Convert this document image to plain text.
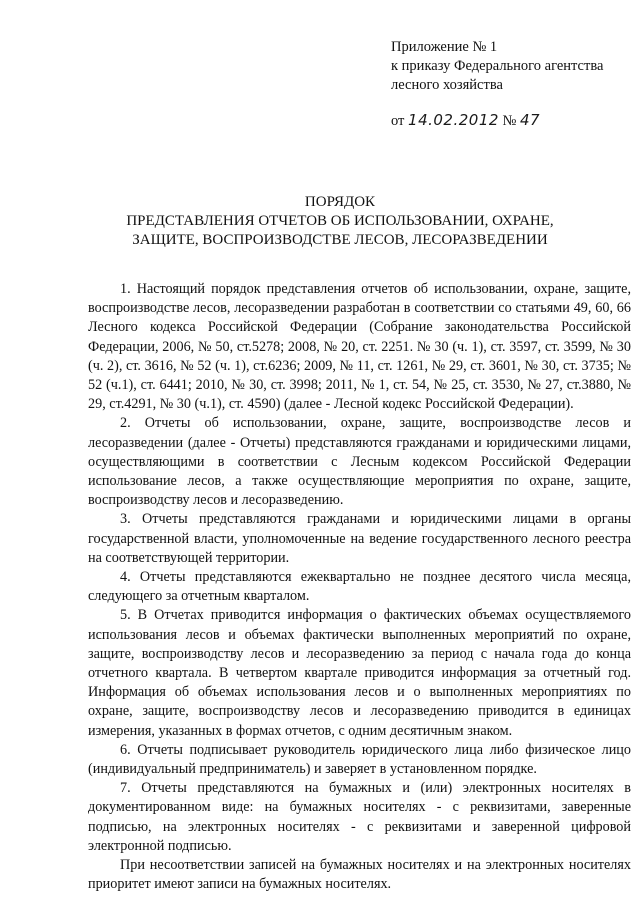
Приложение № 1
к приказу Федерального агентства
лесного хозяйства
от 14.02.2012 № 47
ПОРЯДОК
ПРЕДСТАВЛЕНИЯ ОТЧЕТОВ ОБ ИСПОЛЬЗОВАНИИ, ОХРАНЕ,
ЗАЩИТЕ, ВОСПРОИЗВОДСТВЕ ЛЕСОВ, ЛЕСОРАЗВЕДЕНИИ

1. Настоящий порядок представления отчетов об использовании, охране, защите, воспроизводстве лесов, лесоразведении разработан в соответствии со статьями 49, 60, 66 Лесного кодекса Российской Федерации (Собрание законодательства Российской Федерации, 2006, № 50, ст.5278; 2008, № 20, ст. 2251. № 30 (ч. 1), ст. 3597, ст. 3599, № 30 (ч. 2), ст. 3616, № 52 (ч. 1), ст.6236; 2009, № 11, ст. 1261, № 29, ст. 3601, № 30, ст. 3735; № 52 (ч.1), ст. 6441; 2010, № 30, ст. 3998; 2011, № 1, ст. 54, № 25, ст. 3530, № 27, ст.3880, № 29, ст.4291, № 30 (ч.1), ст. 4590) (далее - Лесной кодекс Российской Федерации).

2. Отчеты об использовании, охране, защите, воспроизводстве лесов и лесоразведении (далее - Отчеты) представляются гражданами и юридическими лицами, осуществляющими в соответствии с Лесным кодексом Российской Федерации использование лесов, а также осуществляющие мероприятия по охране, защите, воспроизводству лесов и лесоразведению.

3. Отчеты представляются гражданами и юридическими лицами в органы государственной власти, уполномоченные на ведение государственного лесного реестра на соответствующей территории.

4. Отчеты представляются ежеквартально не позднее десятого числа месяца, следующего за отчетным кварталом.

5. В Отчетах приводится информация о фактических объемах осуществляемого использования лесов и объемах фактически выполненных мероприятий по охране, защите, воспроизводству лесов и лесоразведению за период с начала года до конца отчетного квартала. В четвертом квартале приводится информация за отчетный год. Информация об объемах использования лесов и о выполненных мероприятиях по охране, защите, воспроизводству лесов и лесоразведению приводится в единицах измерения, указанных в формах отчетов, с одним десятичным знаком.

6. Отчеты подписывает руководитель юридического лица либо физическое лицо (индивидуальный предприниматель) и заверяет в установленном порядке.

7. Отчеты представляются на бумажных и (или) электронных носителях в документированном виде: на бумажных носителях - с реквизитами, заверенные подписью, на электронных носителях - с реквизитами и заверенной цифровой электронной подписью.

При несоответствии записей на бумажных носителях и на электронных носителях приоритет имеют записи на бумажных носителях.
